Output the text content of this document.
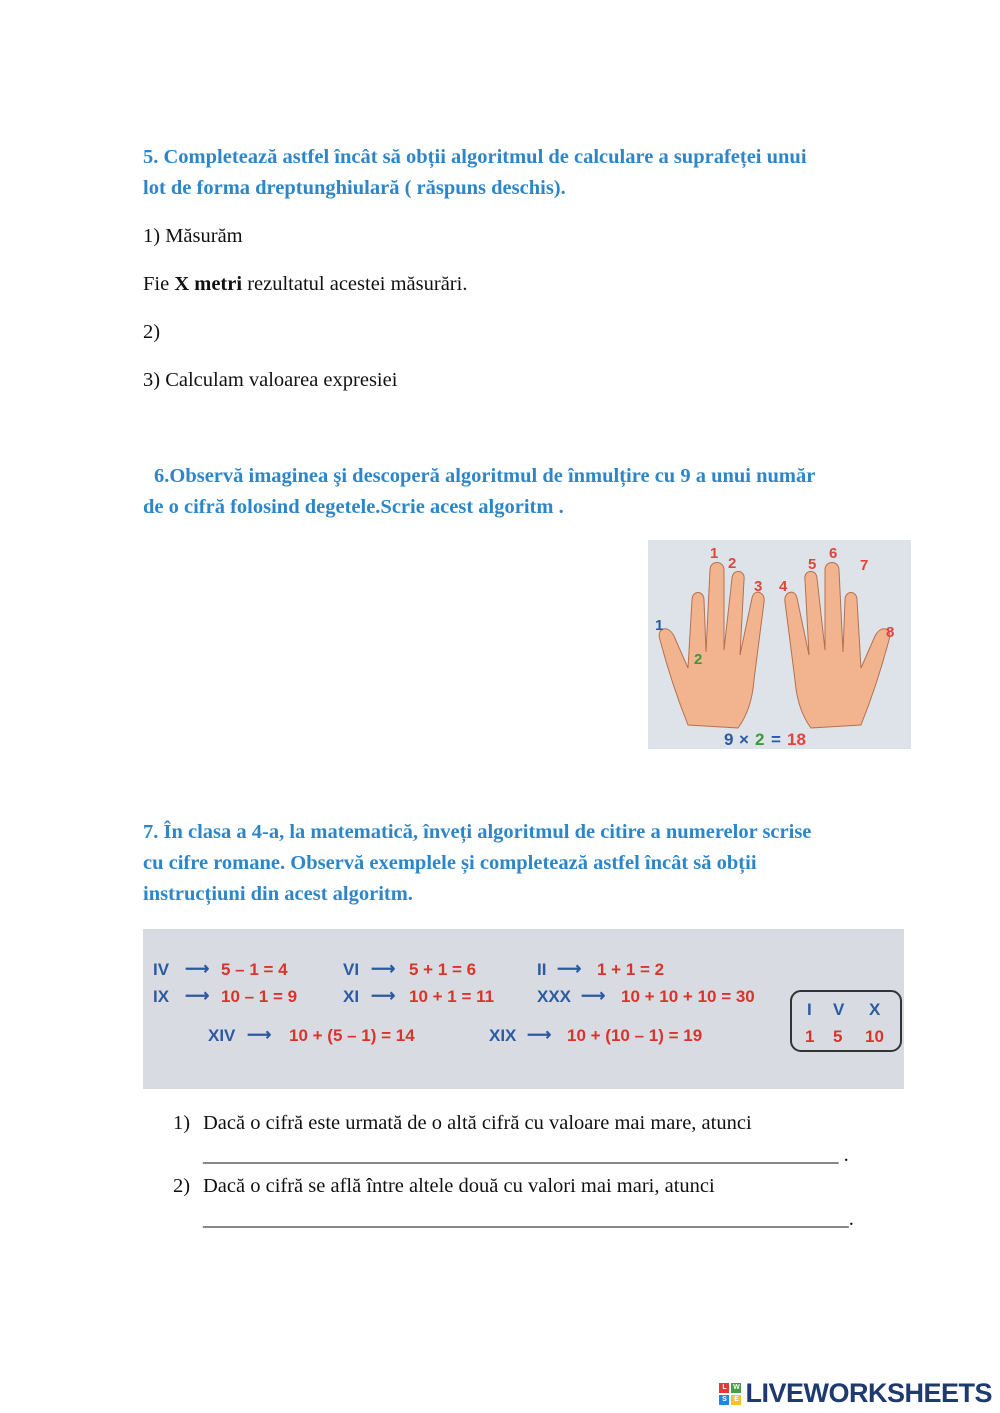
5. Completează astfel încât să obții algoritmul de calculare a suprafeței unui
lot de forma dreptunghiulară ( răspuns deschis).
1) Măsurăm
Fie X metri rezultatul acestei măsurări.
2)
3) Calculam valoarea expresiei
6.Observă imaginea şi descoperă algoritmul de înmulțire cu 9 a unui număr
de o cifră folosind degetele.Scrie acest algoritm .
1
2
3 4
5
6
7
8
1
2
9 × 2 = 18
7. În clasa a 4-a, la matematică, înveți algoritmul de citire a numerelor scrise
cu cifre romane. Observă exemplele și completează astfel încât să obții
instrucțiuni din acest algoritm.
IV ⟶ 5 – 1 = 4	VI ⟶ 5 + 1 = 6	II ⟶ 1 + 1 = 2
IX ⟶ 10 – 1 = 9	XI ⟶ 10 + 1 = 11	XXX ⟶ 10 + 10 + 10 = 30
XIV ⟶ 10 + (5 – 1) = 14	XIX ⟶ 10 + (10 – 1) = 19
I V X
1 5 10
1) Dacă o cifră este urmată de o altă cifră cu valoare mai mare, atunci
______________________________________________________________ .
2) Dacă o cifră se află între altele două cu valori mai mari, atunci
_______________________________________________________________.
L W
S	E LIVEWORKSHEETS
